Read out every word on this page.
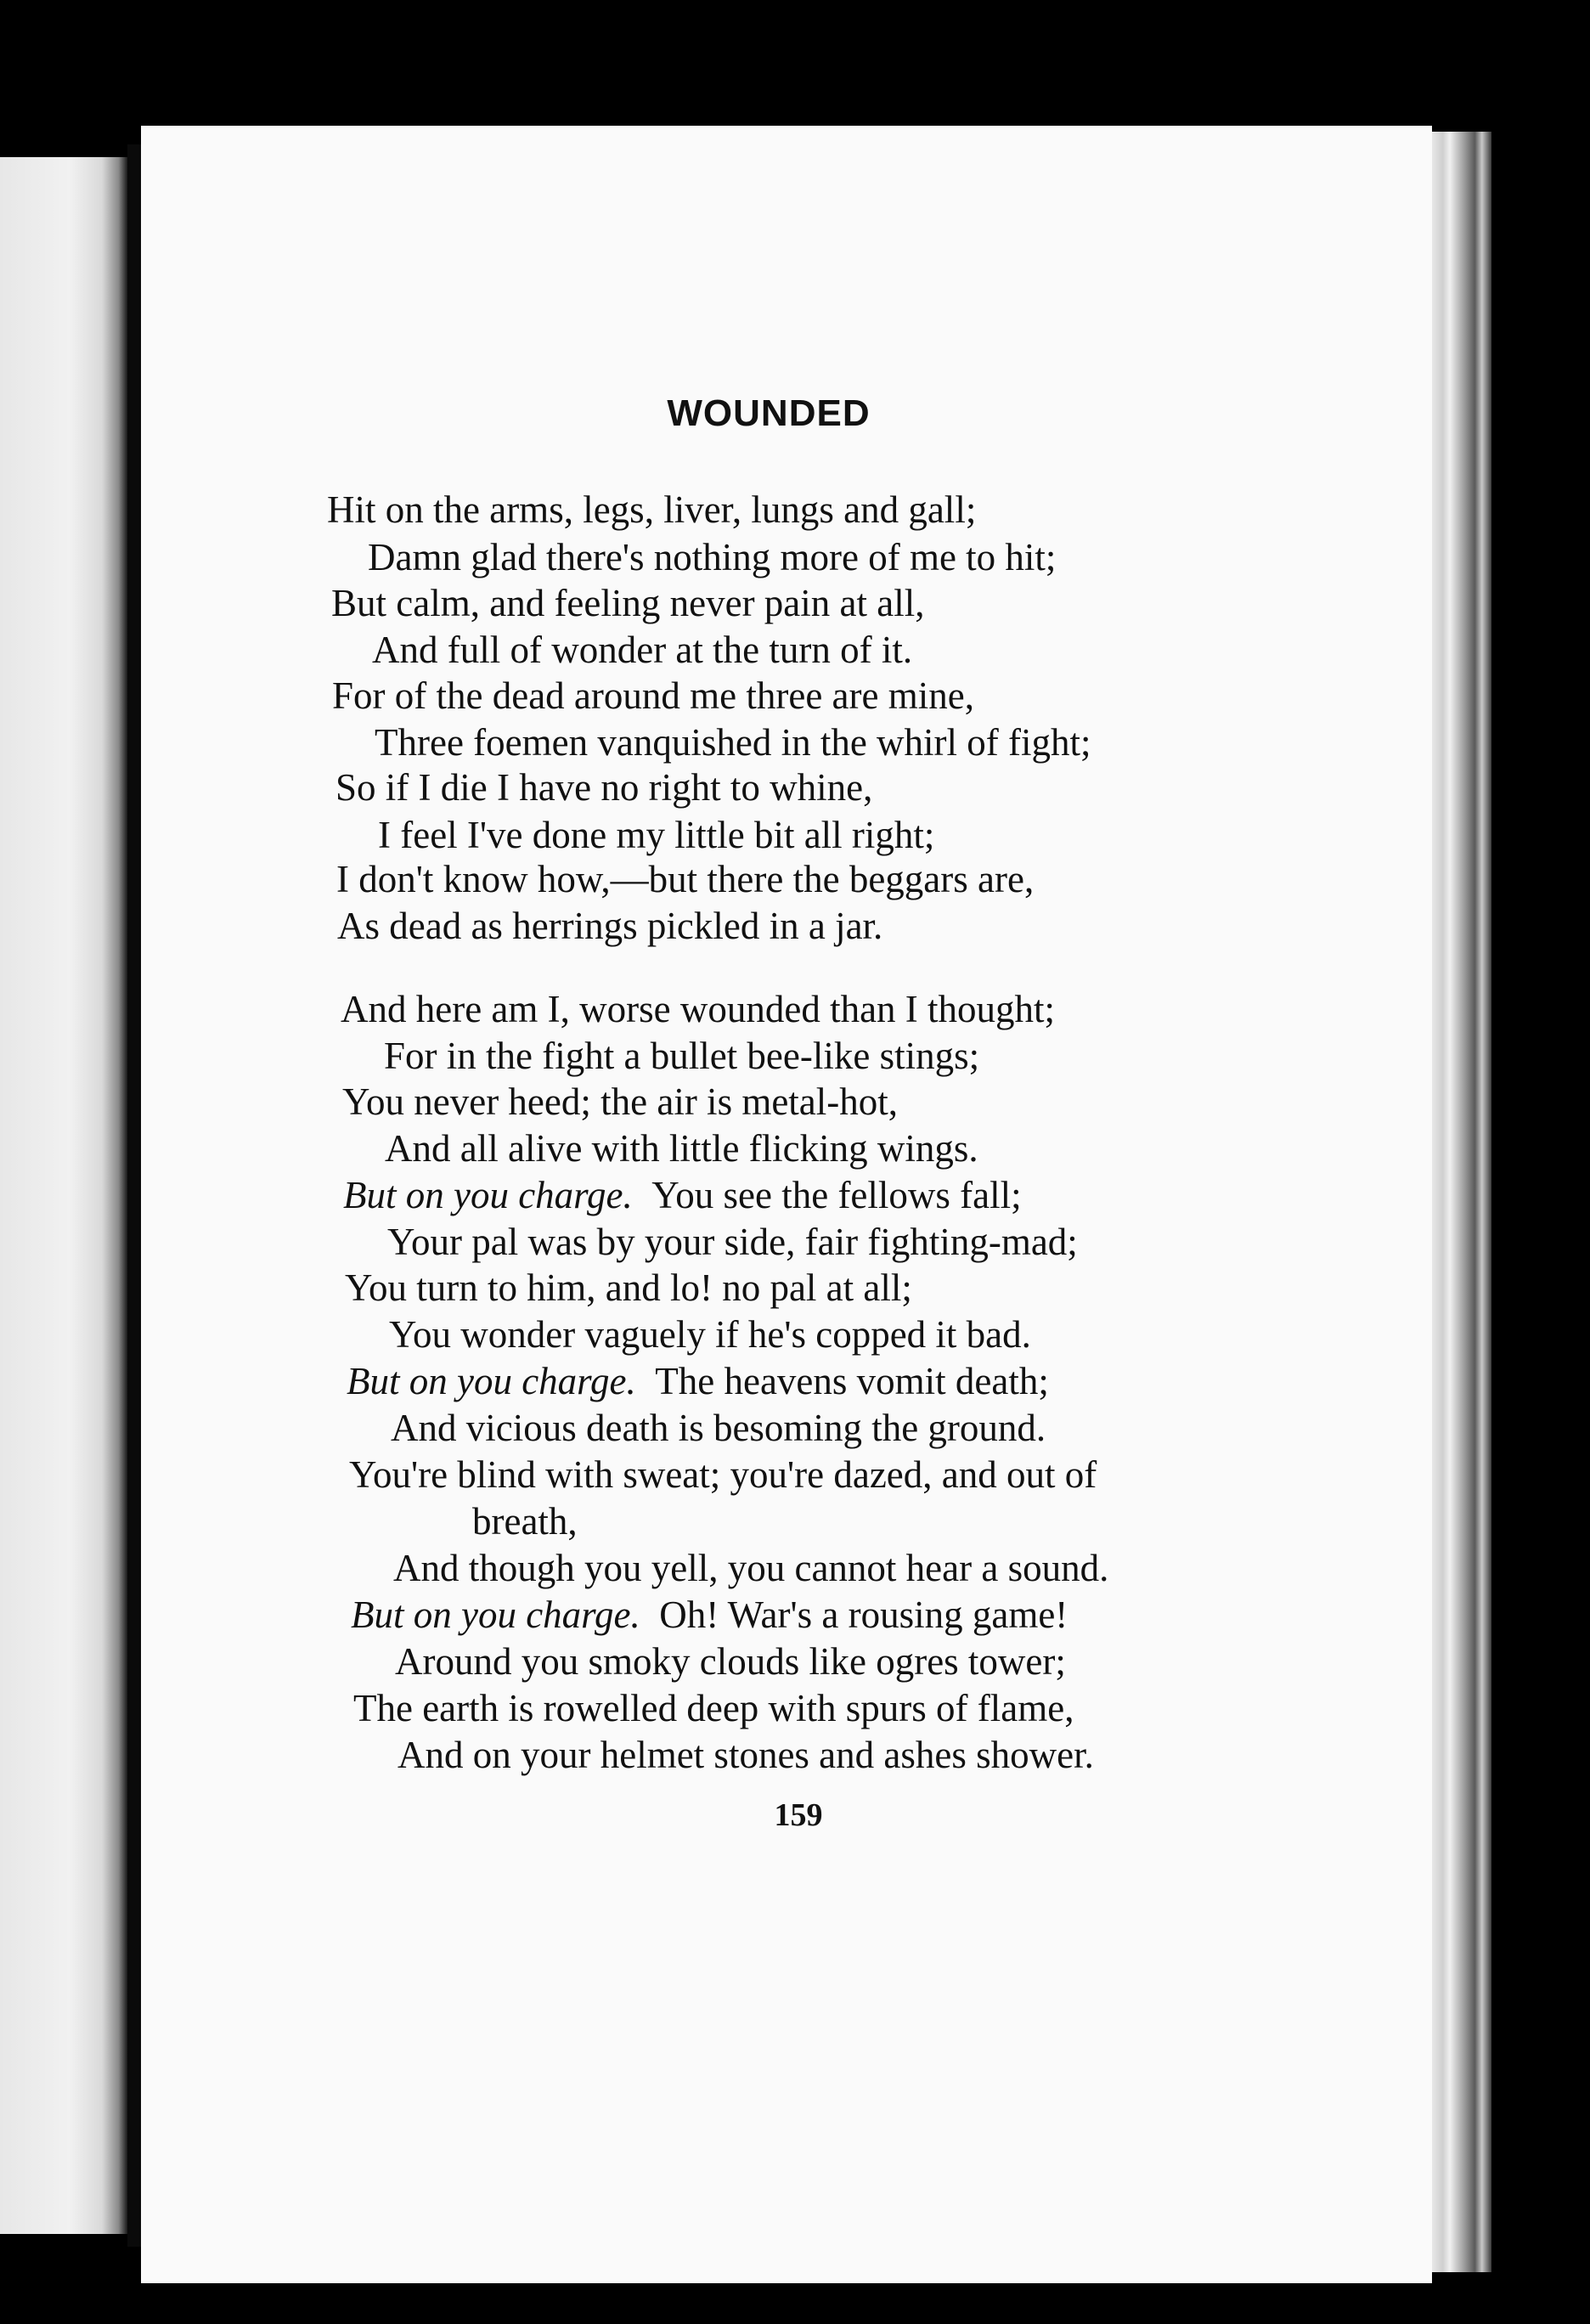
WOUNDED
Hit on the arms, legs, liver, lungs and gall;
Damn glad there's nothing more of me to hit;
But calm, and feeling never pain at all,
And full of wonder at the turn of it.
For of the dead around me three are mine,
Three foemen vanquished in the whirl of fight;
So if I die I have no right to whine,
I feel I've done my little bit all right;
I don't know how,—but there the beggars are,
As dead as herrings pickled in a jar.
And here am I, worse wounded than I thought;
For in the fight a bullet bee-like stings;
You never heed; the air is metal-hot,
And all alive with little flicking wings.
But on you charge. You see the fellows fall;
Your pal was by your side, fair fighting-mad;
You turn to him, and lo! no pal at all;
You wonder vaguely if he's copped it bad.
But on you charge. The heavens vomit death;
And vicious death is besoming the ground.
You're blind with sweat; you're dazed, and out of
breath,
And though you yell, you cannot hear a sound.
But on you charge. Oh! War's a rousing game!
Around you smoky clouds like ogres tower;
The earth is rowelled deep with spurs of flame,
And on your helmet stones and ashes shower.
159
